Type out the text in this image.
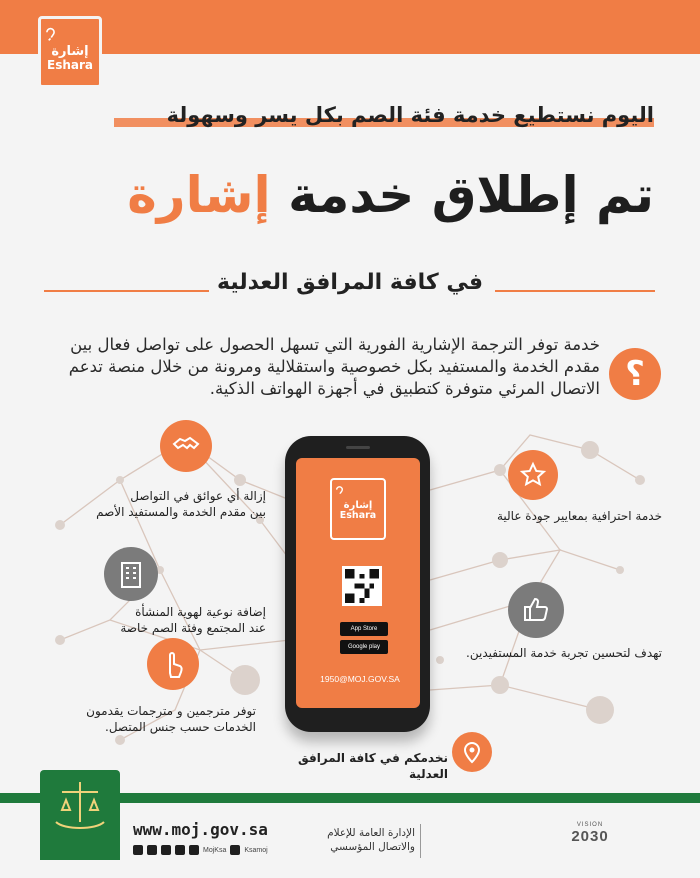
إشارة
Eshara
اليوم نستطيع خدمة فئة الصم بكل يسر وسهولة
تم إطلاق خدمة إشارة
في كافة المرافق العدلية
؟
خدمة توفر الترجمة الإشارية الفورية التي تسهل الحصول على تواصل فعال بين مقدم الخدمة والمستفيد بكل خصوصية واستقلالية ومرونة من خلال منصة تدعم الاتصال المرئي متوفرة كتطبيق في أجهزة الهواتف الذكية.
إزالة أي عوائق في التواصل
بين مقدم الخدمة والمستفيد الأصم
إضافة نوعية لهوية المنشأة
عند المجتمع وفئة الصم خاصة
توفر مترجمين و مترجمات يقدمون
الخدمات حسب جنس المتصل.
خدمة احترافية بمعايير جودة عالية
تهدف لتحسين تجربة خدمة المستفيدين.
نخدمكم في كافة المرافق العدلية
إشارة
Eshara
App Store
Google play
1950@MOJ.GOV.SA
www.moj.gov.sa
MojKsa	Ksamoj
الإدارة العامة للإعلام
والاتصال المؤسسي
VISION
2030
